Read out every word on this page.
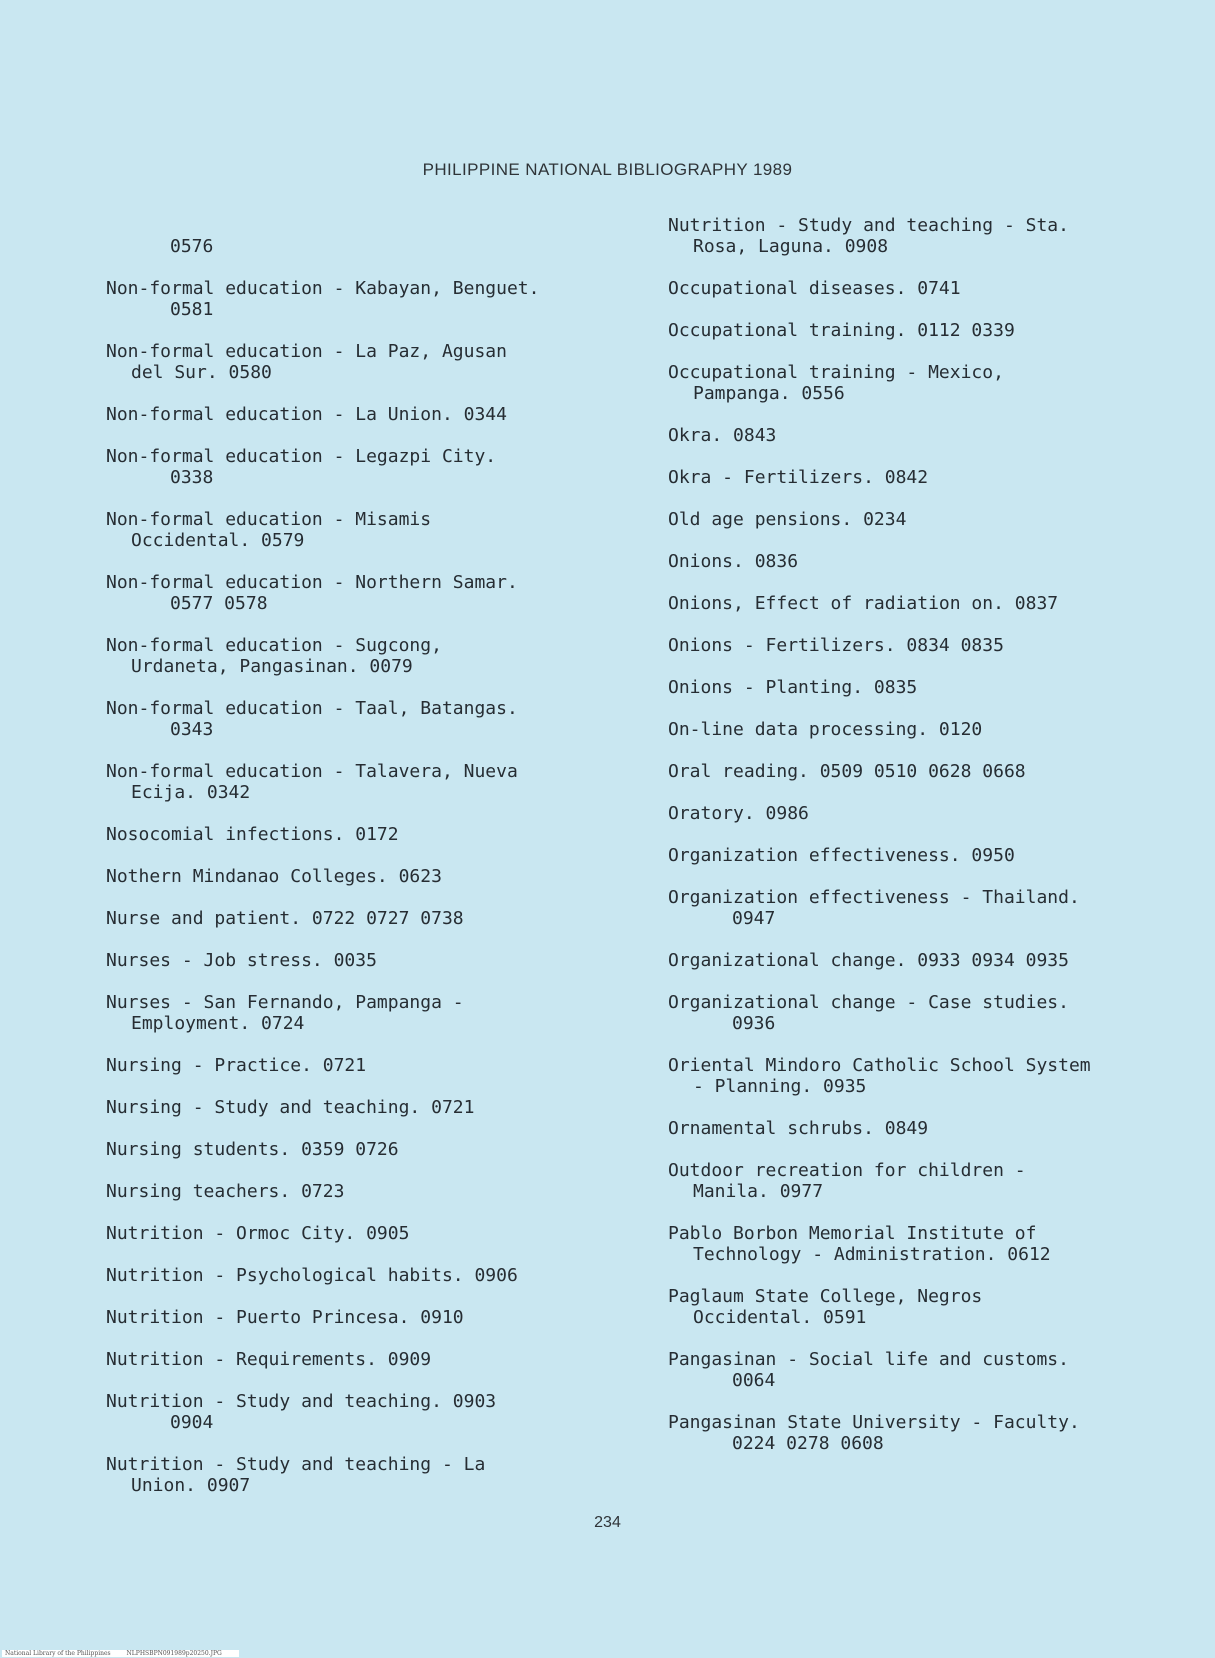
PHILIPPINE NATIONAL BIBLIOGRAPHY 1989

0576
Non-formal education - Kabayan, Benguet.
0581
Non-formal education - La Paz, Agusan
del Sur. 0580
Non-formal education - La Union. 0344
Non-formal education - Legazpi City.
0338
Non-formal education - Misamis
Occidental. 0579
Non-formal education - Northern Samar.
0577 0578
Non-formal education - Sugcong,
Urdaneta, Pangasinan. 0079
Non-formal education - Taal, Batangas.
0343
Non-formal education - Talavera, Nueva
Ecija. 0342
Nosocomial infections. 0172
Nothern Mindanao Colleges. 0623
Nurse and patient. 0722 0727 0738
Nurses - Job stress. 0035
Nurses - San Fernando, Pampanga -
Employment. 0724
Nursing - Practice. 0721
Nursing - Study and teaching. 0721
Nursing students. 0359 0726
Nursing teachers. 0723
Nutrition - Ormoc City. 0905
Nutrition - Psychological habits. 0906
Nutrition - Puerto Princesa. 0910
Nutrition - Requirements. 0909
Nutrition - Study and teaching. 0903
0904
Nutrition - Study and teaching - La
Union. 0907
Nutrition - Study and teaching - Sta.
Rosa, Laguna. 0908
Occupational diseases. 0741
Occupational training. 0112 0339
Occupational training - Mexico,
Pampanga. 0556
Okra. 0843
Okra - Fertilizers. 0842
Old age pensions. 0234
Onions. 0836
Onions, Effect of radiation on. 0837
Onions - Fertilizers. 0834 0835
Onions - Planting. 0835
On-line data processing. 0120
Oral reading. 0509 0510 0628 0668
Oratory. 0986
Organization effectiveness. 0950
Organization effectiveness - Thailand.
0947
Organizational change. 0933 0934 0935
Organizational change - Case studies.
0936
Oriental Mindoro Catholic School System
- Planning. 0935
Ornamental schrubs. 0849
Outdoor recreation for children -
Manila. 0977
Pablo Borbon Memorial Institute of
Technology - Administration. 0612
Paglaum State College, Negros
Occidental. 0591
Pangasinan - Social life and customs.
0064
Pangasinan State University - Faculty.
0224 0278 0608
234
National Library of the Philippines	NLPHSBPN091989p20250.JPG
